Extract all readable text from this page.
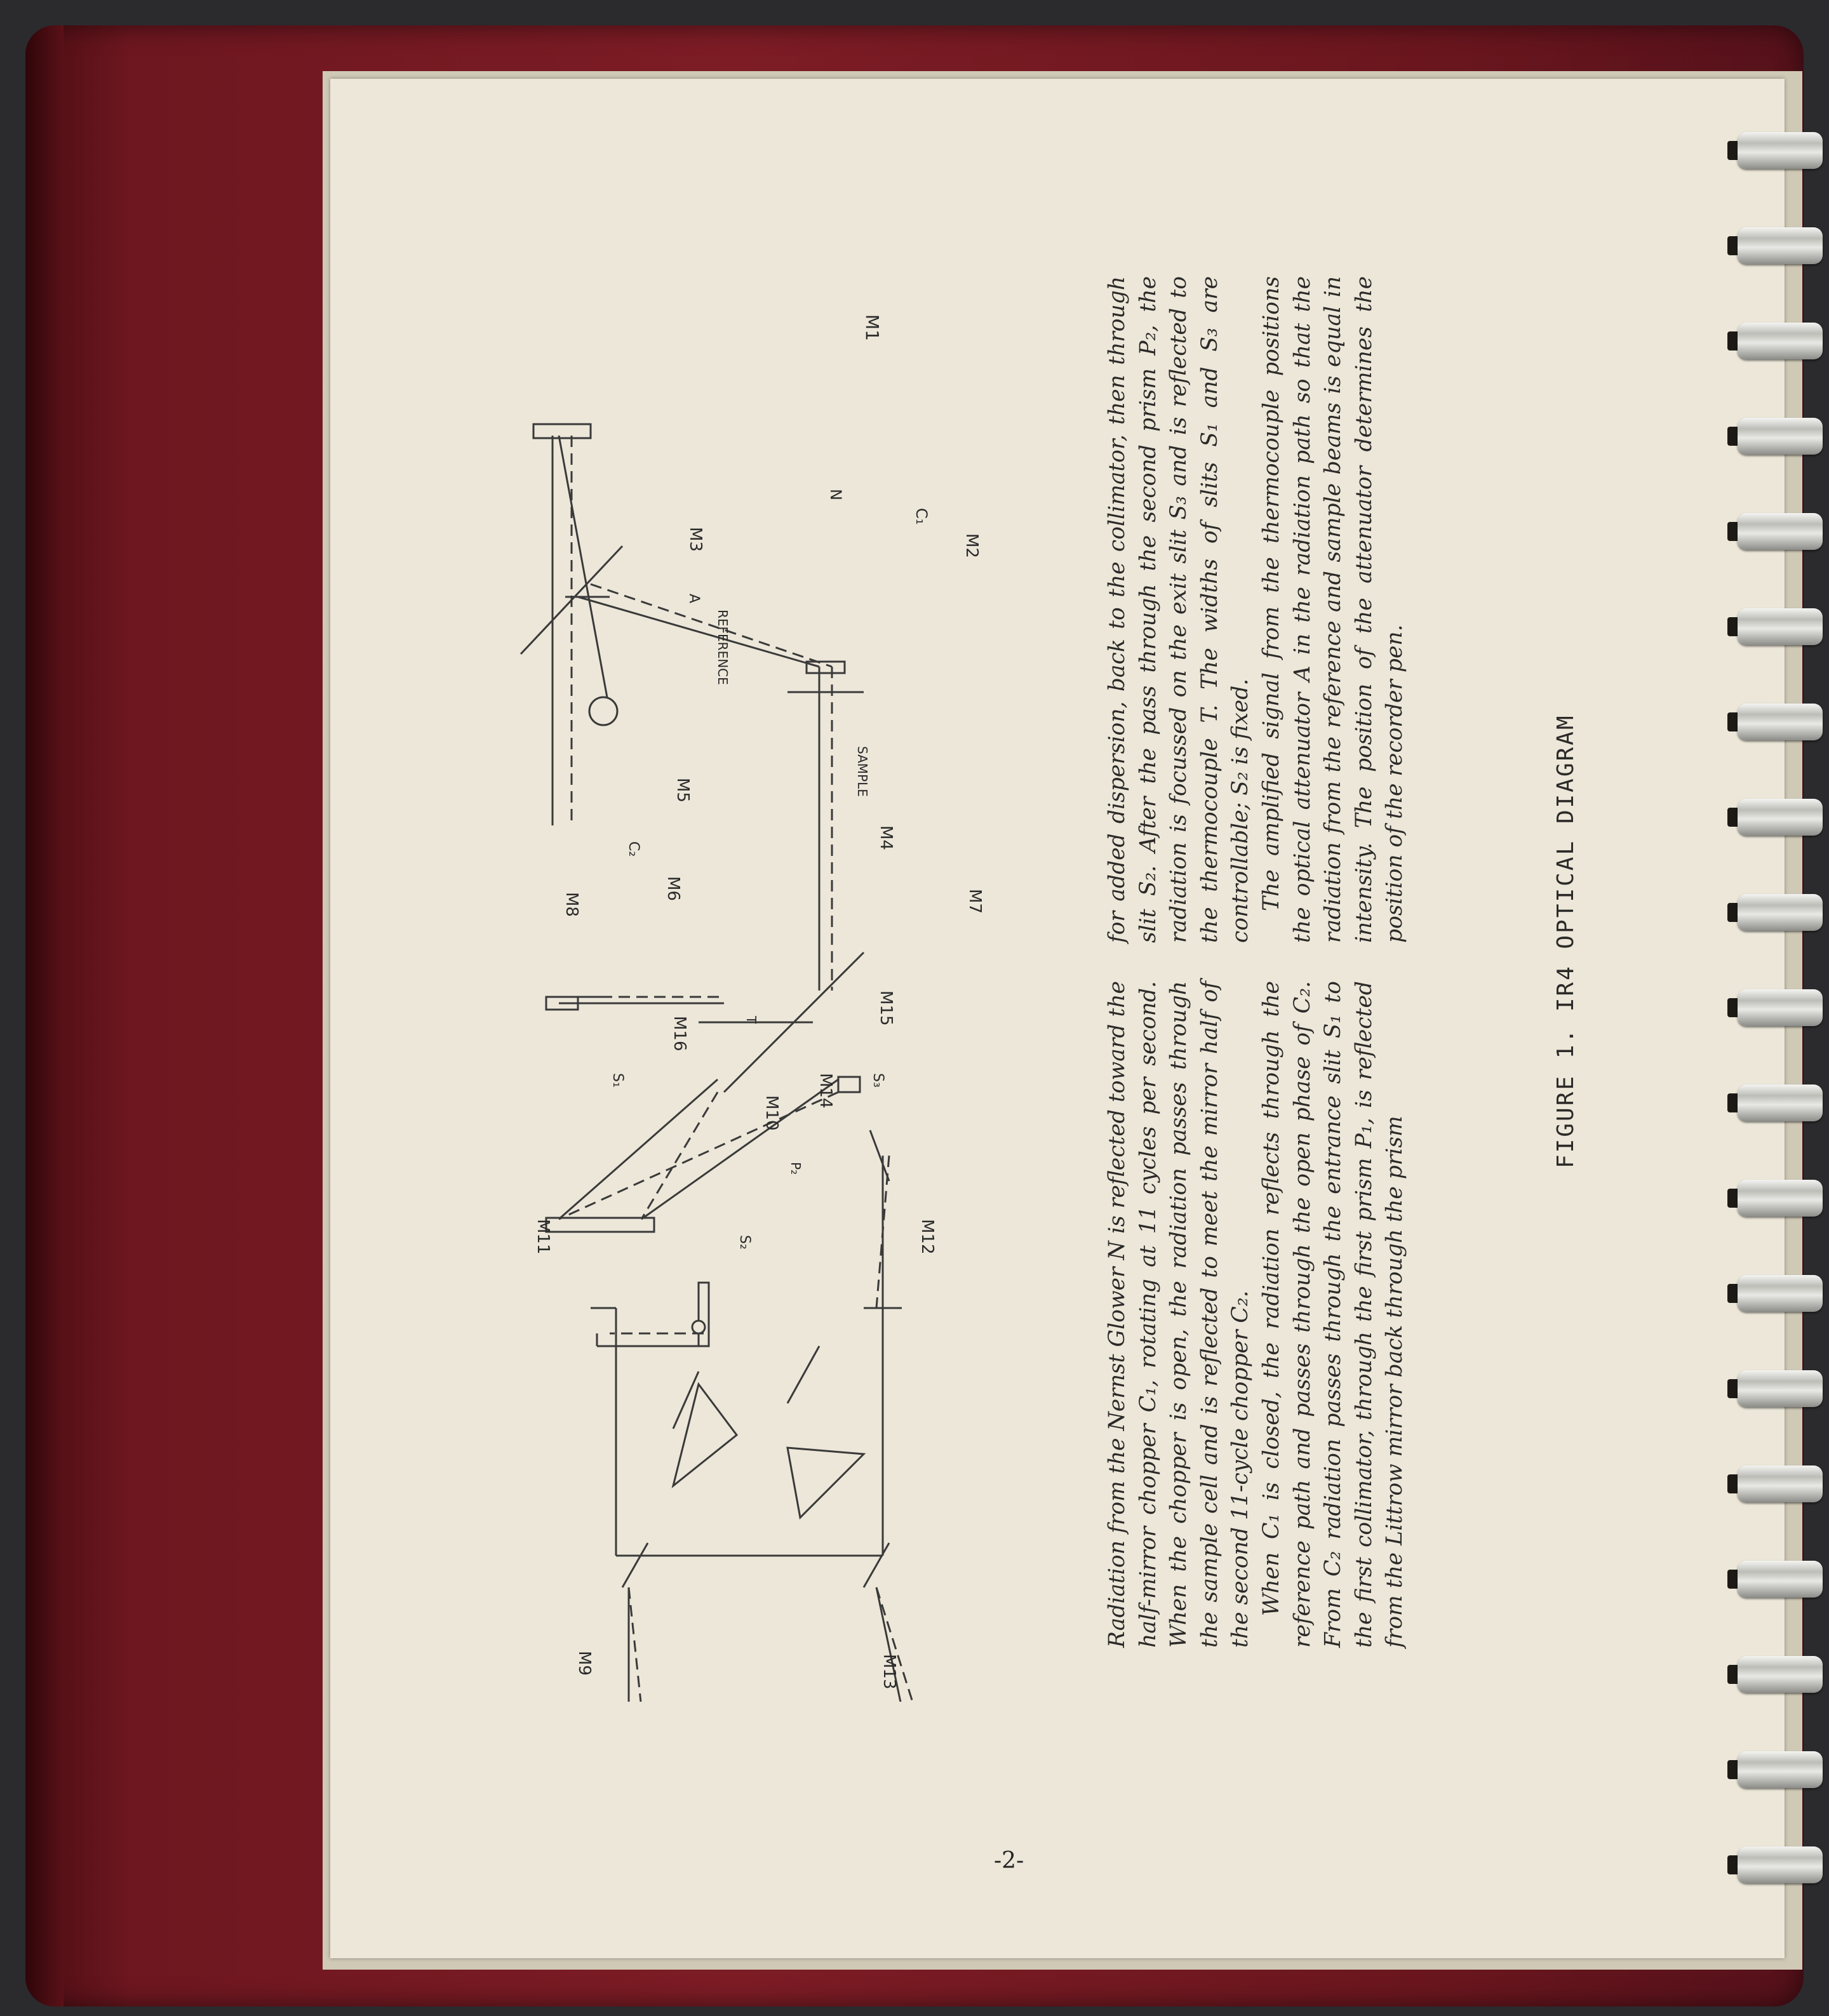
M1
N
C₁
M2
M3
A
REFERENCE
SAMPLE
M5
M4
C₂
M6
M8	M7
M16	T	M15
S₁	S₃
M10
M14
P₂
M11	S₂	M12
M9	M13

Radiation from the Nernst Glower N is reflected toward the half-mirror chopper C₁, rotating at 11 cycles per second. When the chopper is open, the radiation passes through the sample cell and is reflected to meet the mirror half of the second 11-cycle chopper C₂. When C₁ is closed, the radiation reflects through the reference path and passes through the open phase of C₂. From C₂ radiation passes through the entrance slit S₁ to the first collimator, through the first prism P₁, is reflected from the Littrow mirror back through the prism

for added dispersion, back to the collimator, then through slit S₂. After the pass through the second prism P₂, the radiation is focussed on the exit slit S₃ and is reflected to the thermocouple T. The widths of slits S₁ and S₃ are controllable; S₂ is fixed. The amplified signal from the thermocouple positions the optical attenuator A in the radiation path so that the radiation from the reference and sample beams is equal in intensity. The position of the attenuator determines the position of the recorder pen.	FIGURE 1. IR4 OPTICAL DIAGRAM
-2-
